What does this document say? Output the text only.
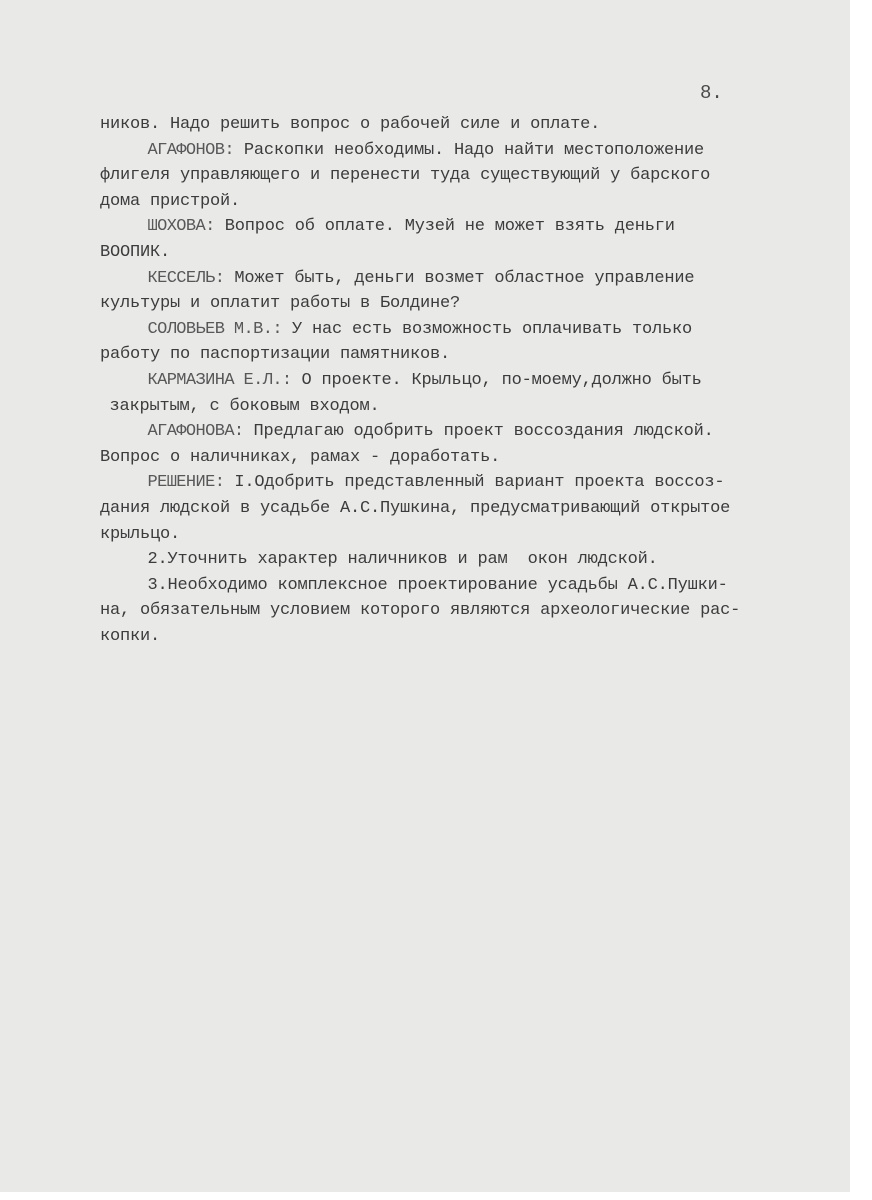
8.
ников. Надо решить вопрос о рабочей силе и оплате.
АГАФОНОВ: Раскопки необходимы. Надо найти местоположение
флигеля управляющего и перенести туда существующий у барского
дома пристрой.
ШОХОВА: Вопрос об оплате. Музей не может взять деньги
ВООПИК.
КЕССЕЛЬ: Может быть, деньги возмет областное управление
культуры и оплатит работы в Болдине?
СОЛОВЬЕВ М.В.: У нас есть возможность оплачивать только
работу по паспортизации памятников.
КАРМАЗИНА Е.Л.: О проекте. Крыльцо, по-моему,должно быть
закрытым, с боковым входом.
АГАФОНОВА: Предлагаю одобрить проект воссоздания людской.
Вопрос о наличниках, рамах - доработать.
РЕШЕНИЕ: I.Одобрить представленный вариант проекта воссоз-
дания людской в усадьбе А.С.Пушкина, предусматривающий открытое
крыльцо.
2.Уточнить характер наличников и рам  окон людской.
3.Необходимо комплексное проектирование усадьбы А.С.Пушки-
на, обязательным условием которого являются археологические рас-
копки.
